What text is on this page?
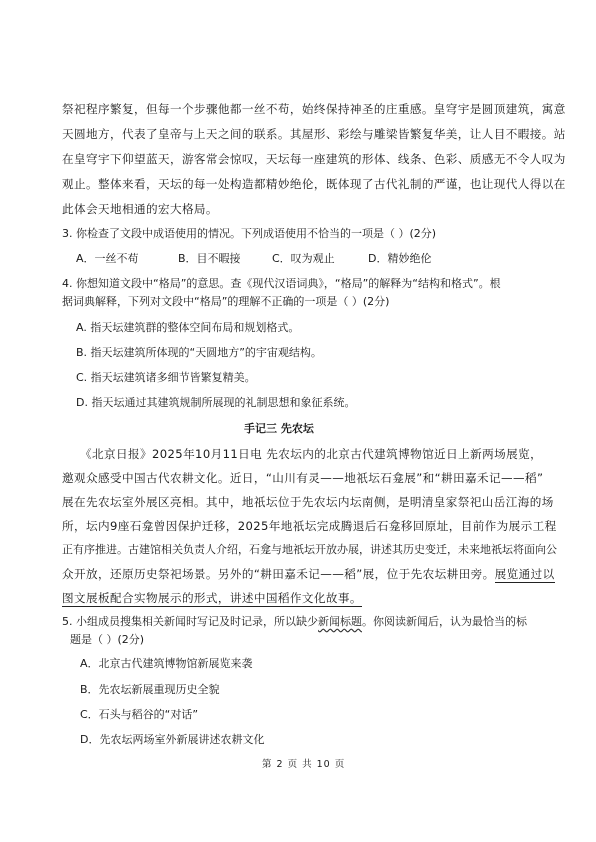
祭祀程序繁复，但每一个步骤他都一丝不苟，始终保持神圣的庄重感。皇穹宇是圆顶建筑，寓意
天圆地方，代表了皇帝与上天之间的联系。其屋形、彩绘与雕梁皆繁复华美，让人目不暇接。站
在皇穹宇下仰望蓝天，游客常会惊叹，天坛每一座建筑的形体、线条、色彩、质感无不令人叹为
观止。整体来看，天坛的每一处构造都精妙绝伦，既体现了古代礼制的严谨，也让现代人得以在
此体会天地相通的宏大格局。
3. 你检查了文段中成语使用的情况。下列成语使用不恰当的一项是（ ）(2分)
A．一丝不苟	B．目不暇接	C．叹为观止	D．精妙绝伦
4. 你想知道文段中“格局”的意思。查《现代汉语词典》，“格局”的解释为“结构和格式”。根
据词典解释，下列对文段中“格局”的理解不正确的一项是（ ）(2分)
A. 指天坛建筑群的整体空间布局和规划格式。
B. 指天坛建筑所体现的“天圆地方”的宇宙观结构。
C. 指天坛建筑诸多细节皆繁复精美。
D. 指天坛通过其建筑规制所展现的礼制思想和象征系统。
手记三 先农坛
《北京日报》2025年10月11日电 先农坛内的北京古代建筑博物馆近日上新两场展览，
邀观众感受中国古代农耕文化。近日，“山川有灵——地祇坛石龛展”和“耕田嘉禾记——稻”
展在先农坛室外展区亮相。其中，地祇坛位于先农坛内坛南侧，是明清皇家祭祀山岳江海的场
所，坛内9座石龛曾因保护迁移，2025年地祇坛完成腾退后石龛移回原址，目前作为展示工程
正有序推进。古建馆相关负责人介绍，石龛与地祇坛开放办展，讲述其历史变迁，未来地祇坛将面向公
众开放，还原历史祭祀场景。另外的“耕田嘉禾记——稻”展，位于先农坛耕田旁。展览通过以
图文展板配合实物展示的形式，讲述中国稻作文化故事。
5. 小组成员搜集相关新闻时写记及时记录，所以缺少新闻标题。你阅读新闻后，认为最恰当的标
题是（ ）(2分)
A．北京古代建筑博物馆新展览来袭
B．先农坛新展重现历史全貌
C．石头与稻谷的“对话”
D．先农坛两场室外新展讲述农耕文化
第 2 页 共 10 页
